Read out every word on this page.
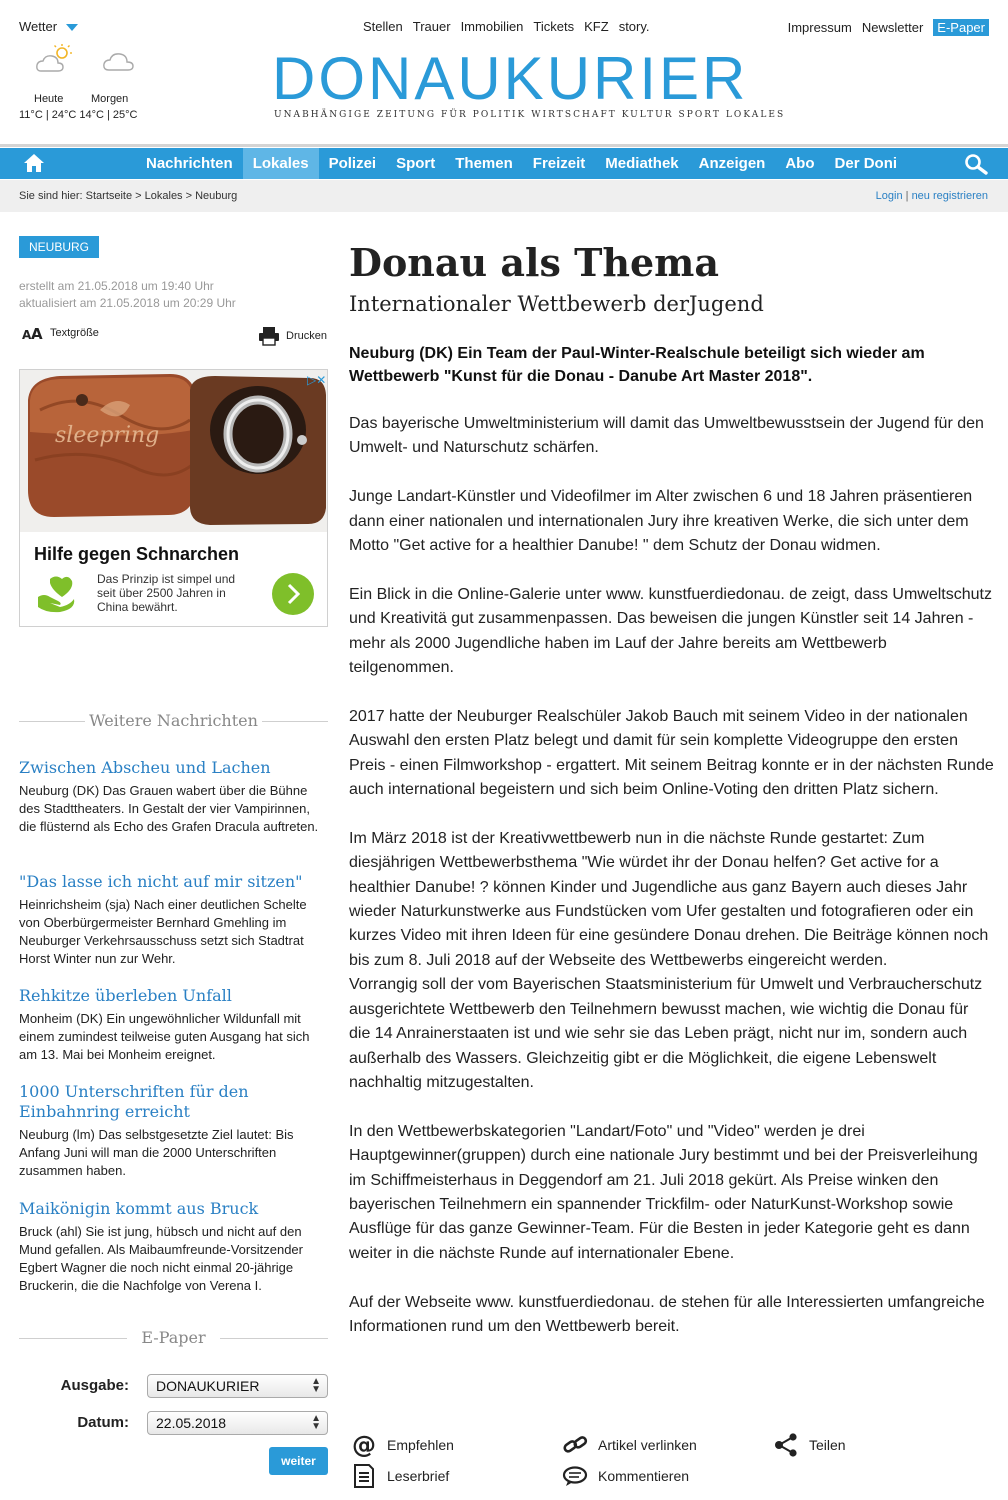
Wetter
Heute	Morgen
11°C | 24°C 14°C | 25°C
Stellen Trauer Immobilien Tickets KFZ story.	Impressum Newsletter	E-Paper
DONAUKURIER
UNABHÄNGIGE ZEITUNG FÜR POLITIK WIRTSCHAFT KULTUR SPORT LOKALES
Nachrichten	Lokales	Polizei	Sport	Themen	Freizeit	Mediathek	Anzeigen	Abo	Der Doni
Sie sind hier: Startseite > Lokales > Neuburg	Login | neu registrieren
NEUBURG
erstellt am 21.05.2018 um 19:40 Uhr
aktualisiert am 21.05.2018 um 20:29 Uhr
A A Textgröße	Drucken
sleepring
▷✕
Hilfe gegen Schnarchen
Das Prinzip ist simpel und seit über 2500 Jahren in China bewährt.
Weitere Nachrichten
Zwischen Abscheu und Lachen
Neuburg (DK) Das Grauen wabert über die Bühne des Stadttheaters. In Gestalt der vier Vampirinnen, die flüsternd als Echo des Grafen Dracula auftreten.
"Das lasse ich nicht auf mir sitzen"
Heinrichsheim (sja) Nach einer deutlichen Schelte von Oberbürgermeister Bernhard Gmehling im Neuburger Verkehrsausschuss setzt sich Stadtrat Horst Winter nun zur Wehr.
Rehkitze überleben Unfall
Monheim (DK) Ein ungewöhnlicher Wildunfall mit einem zumindest teilweise guten Ausgang hat sich am 13. Mai bei Monheim ereignet.
1000 Unterschriften für den Einbahnring erreicht
Neuburg (lm) Das selbstgesetzte Ziel lautet: Bis Anfang Juni will man die 2000 Unterschriften zusammen haben.
Maikönigin kommt aus Bruck
Bruck (ahl) Sie ist jung, hübsch und nicht auf den Mund gefallen. Als Maibaumfreunde-Vorsitzender Egbert Wagner die noch nicht einmal 20-jährige Bruckerin, die die Nachfolge von Verena I.
E-Paper
Ausgabe:	DONAUKURIER	▲
▼
Datum:	22.05.2018	▲
▼
weiter
Donau als Thema
Internationaler Wettbewerb derJugend
Neuburg (DK) Ein Team der Paul-Winter-Realschule beteiligt sich wieder am Wettbewerb "Kunst für die Donau - Danube Art Master 2018".

Das bayerische Umweltministerium will damit das Umweltbewusstsein der Jugend für den Umwelt- und Naturschutz schärfen.

Junge Landart-Künstler und Videofilmer im Alter zwischen 6 und 18 Jahren präsentieren dann einer nationalen und internationalen Jury ihre kreativen Werke, die sich unter dem Motto "Get active for a healthier Danube! " dem Schutz der Donau widmen.

Ein Blick in die Online-Galerie unter www. kunstfuerdiedonau. de zeigt, dass Umweltschutz und Kreativitä gut zusammenpassen. Das beweisen die jungen Künstler seit 14 Jahren - mehr als 2000 Jugendliche haben im Lauf der Jahre bereits am Wettbewerb teilgenommen.

2017 hatte der Neuburger Realschüler Jakob Bauch mit seinem Video in der nationalen Auswahl den ersten Platz belegt und damit für sein komplette Videogruppe den ersten Preis - einen Filmworkshop - ergattert. Mit seinem Beitrag konnte er in der nächsten Runde auch international begeistern und sich beim Online-Voting den dritten Platz sichern.

Im März 2018 ist der Kreativwettbewerb nun in die nächste Runde gestartet: Zum diesjährigen Wettbewerbsthema "Wie würdet ihr der Donau helfen? Get active for a healthier Danube! ? können Kinder und Jugendliche aus ganz Bayern auch dieses Jahr wieder Naturkunstwerke aus Fundstücken vom Ufer gestalten und fotografieren oder ein kurzes Video mit ihren Ideen für eine gesündere Donau drehen. Die Beiträge können noch bis zum 8. Juli 2018 auf der Webseite des Wettbewerbs eingereicht werden.

Vorrangig soll der vom Bayerischen Staatsministerium für Umwelt und Verbraucherschutz ausgerichtete Wettbewerb den Teilnehmern bewusst machen, wie wichtig die Donau für die 14 Anrainerstaaten ist und wie sehr sie das Leben prägt, nicht nur im, sondern auch außerhalb des Wassers. Gleichzeitig gibt er die Möglichkeit, die eigene Lebenswelt nachhaltig mitzugestalten.

In den Wettbewerbskategorien "Landart/Foto" und "Video" werden je drei Hauptgewinner(gruppen) durch eine nationale Jury bestimmt und bei der Preisverleihung im Schiffmeisterhaus in Deggendorf am 21. Juli 2018 gekürt. Als Preise winken den bayerischen Teilnehmern ein spannender Trickfilm- oder NaturKunst-Workshop sowie Ausflüge für das ganze Gewinner-Team. Für die Besten in jeder Kategorie geht es dann weiter in die nächste Runde auf internationaler Ebene.

Auf der Webseite www. kunstfuerdiedonau. de stehen für alle Interessierten umfangreiche Informationen rund um den Wettbewerb bereit.

@ Empfehlen	Artikel verlinken	Teilen
Leserbrief	Kommentieren
